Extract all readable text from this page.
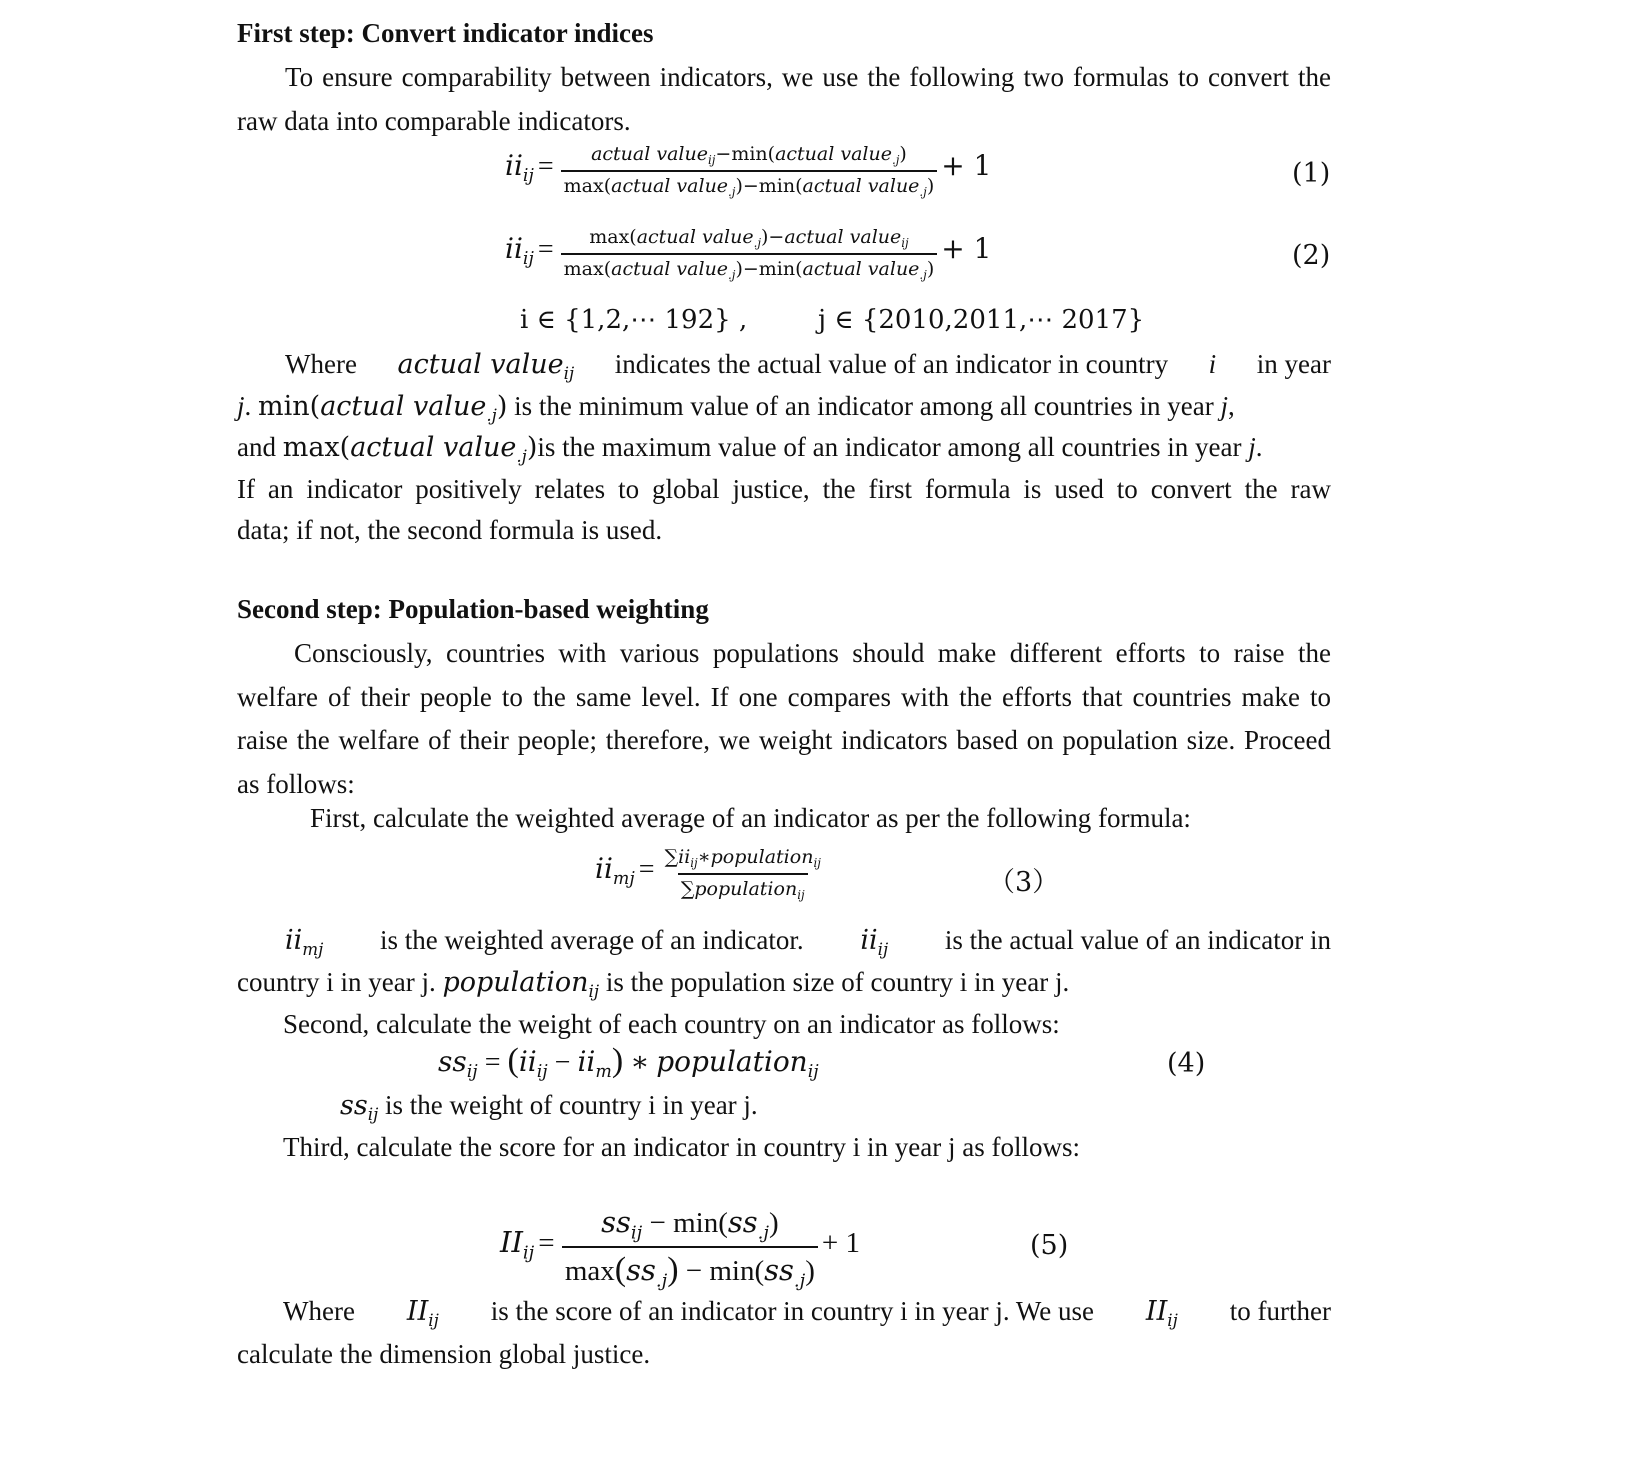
First step: Convert indicator indices
To ensure comparability between indicators, we use the following two formulas to convert the raw data into comparable indicators.
$ii_{ij} = \frac{actual value_{ij}-\min(actual value_{.j})}{\max(actual value_{.j})-\min(actual value_{.j})} + 1$	(1)
$ii_{ij} = \frac{\max(actual value_{.j})-actual value_{ij}}{\max(actual value_{.j})-\min(actual value_{.j})} + 1$	(2)
i ∈ {1,2,⋯ 192} ,	j ∈ {2010,2011,⋯ 2017}
Where actual value$_{ij}$ indicates the actual value of an indicator in country i in year
j. min(actual value$_{.j}$) is the minimum value of an indicator among all countries in year j,
and max(actual value$_{.j}$)is the maximum value of an indicator among all countries in year j.
If an indicator positively relates to global justice, the first formula is used to convert the raw
data; if not, the second formula is used.
Second step: Population-based weighting
Consciously, countries with various populations should make different efforts to raise the welfare of their people to the same level. If one compares with the efforts that countries make to raise the welfare of their people; therefore, we weight indicators based on population size. Proceed as follows:
First, calculate the weighted average of an indicator as per the following formula:
$ii_{mj} = \frac{\sum ii_{ij}∗population_{ij}}{\sum population_{ij}}$	（3）
$ii_{mj}$ is the weighted average of an indicator. $ii_{ij}$ is the actual value of an indicator in
country i in year j. population$_{ij}$ is the population size of country i in year j.
Second, calculate the weight of each country on an indicator as follows:
$ss_{ij} = (ii_{ij} - ii_m)$ ∗ population$_{ij}$	(4)
$ss_{ij}$ is the weight of country i in year j.
Third, calculate the score for an indicator in country i in year j as follows:
$II_{ij} = \frac{ss_{ij} - \min(ss_{.j})}{\max(ss_{.j}) - \min(ss_{.j})} + 1$	(5)
Where $II_{ij}$ is the score of an indicator in country i in year j. We use $II_{ij}$ to further
calculate the dimension global justice.
